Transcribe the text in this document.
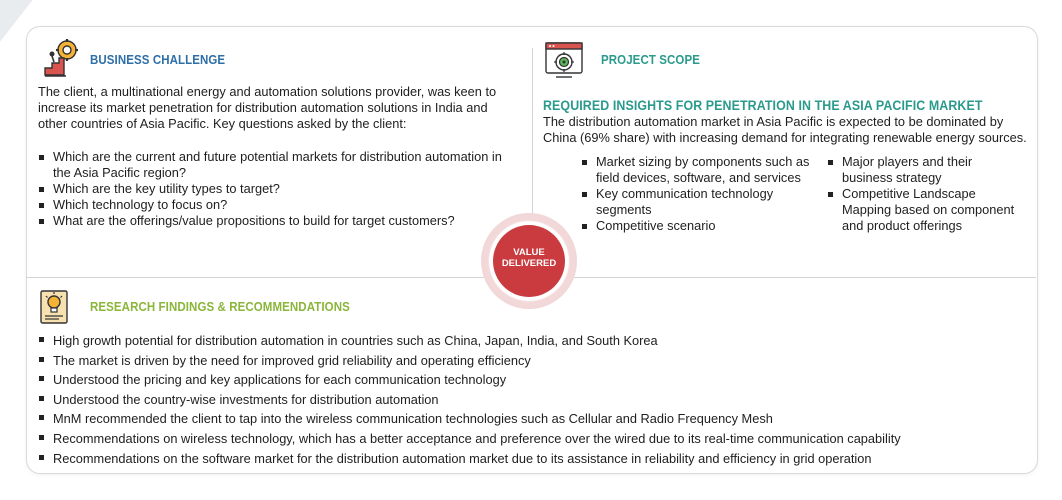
BUSINESS CHALLENGE
The client, a multinational energy and automation solutions provider, was keen to
increase its market penetration for distribution automation solutions in India and
other countries of Asia Pacific. Key questions asked by the client:
Which are the current and future potential markets for distribution automation in
the Asia Pacific region?
Which are the key utility types to target?
Which technology to focus on?
What are the offerings/value propositions to build for target customers?
PROJECT SCOPE
REQUIRED INSIGHTS FOR PENETRATION IN THE ASIA PACIFIC MARKET
The distribution automation market in Asia Pacific is expected to be dominated by
China (69% share) with increasing demand for integrating renewable energy sources.
Market sizing by components such as
field devices, software, and services
Key communication technology
segments
Competitive scenario
Major players and their
business strategy
Competitive Landscape
Mapping based on component
and product offerings
VALUE
DELIVERED
RESEARCH FINDINGS & RECOMMENDATIONS
High growth potential for distribution automation in countries such as China, Japan, India, and South Korea
The market is driven by the need for improved grid reliability and operating efficiency
Understood the pricing and key applications for each communication technology
Understood the country-wise investments for distribution automation
MnM recommended the client to tap into the wireless communication technologies such as Cellular and Radio Frequency Mesh
Recommendations on wireless technology, which has a better acceptance and preference over the wired due to its real-time communication capability
Recommendations on the software market for the distribution automation market due to its assistance in reliability and efficiency in grid operation
